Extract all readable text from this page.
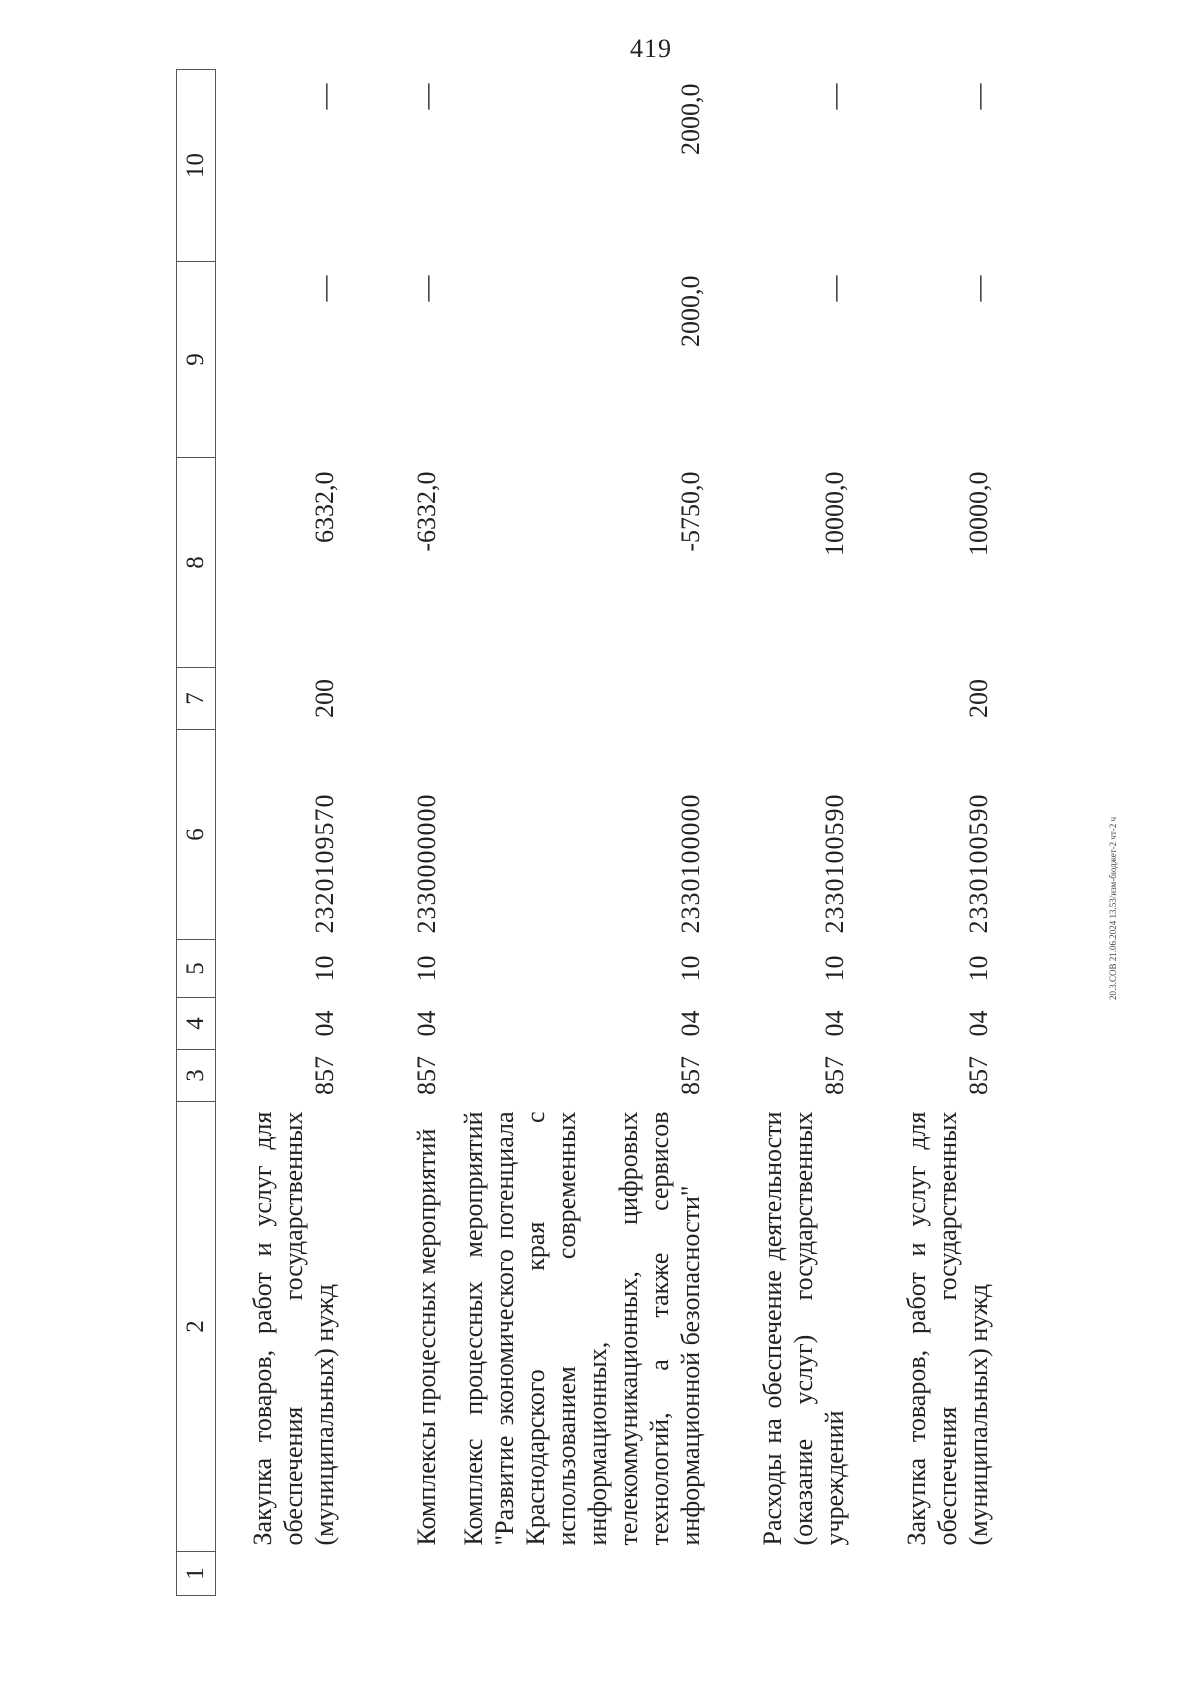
419
1	2	3	4	5	6	7	8	9	10
	Закупка товаров, работ и услуг для обеспечения государственных (муниципальных) нужд	857	04	10	2320109570	200	6332,0	—	—
	Комплексы процессных мероприятий	857	04	10	2330000000		-6332,0	—	—
	Комплекс процессных мероприятий "Развитие экономического потенциала Краснодарского края с использованием современных информационных, телекоммуникационных, цифровых технологий, а также сервисов информационной безопасности"	857	04	10	2330100000		-5750,0	2000,0	2000,0
	Расходы на обеспечение деятельности (оказание услуг) государственных учреждений	857	04	10	2330100590		10000,0	—	—
	Закупка товаров, работ и услуг для обеспечения государственных (муниципальных) нужд	857	04	10	2330100590	200	10000,0	—	—
20.3.СОВ 21.06.2024 13.53/изм-бюджет-2 чт-2 ч
